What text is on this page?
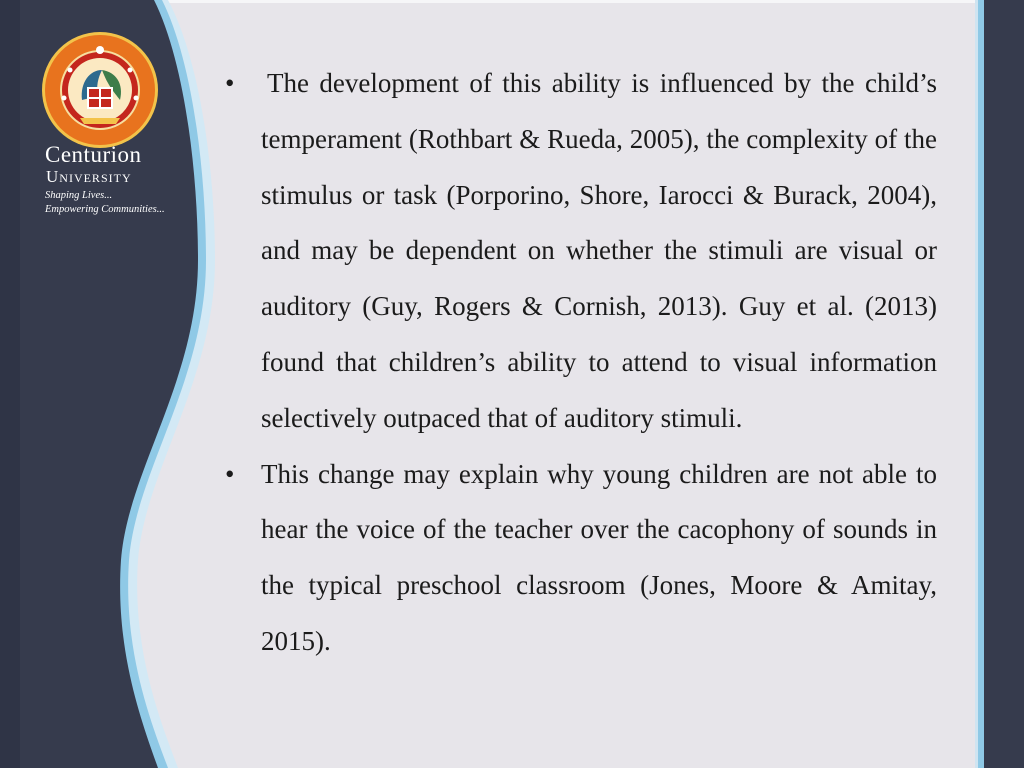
Centurion
University
Shaping Lives...
Empowering Communities...
•	The development of this ability is influenced by the child’s temperament (Rothbart & Rueda, 2005), the complexity of the stimulus or task (Porporino, Shore, Iarocci & Burack, 2004), and may be dependent on whether the stimuli are visual or auditory (Guy, Rogers & Cornish, 2013). Guy et al. (2013) found that children’s ability to attend to visual information selectively outpaced that of auditory stimuli.
• This change may explain why young children are not able to hear the voice of the teacher over the cacophony of sounds in the typical preschool classroom (Jones, Moore & Amitay, 2015).
